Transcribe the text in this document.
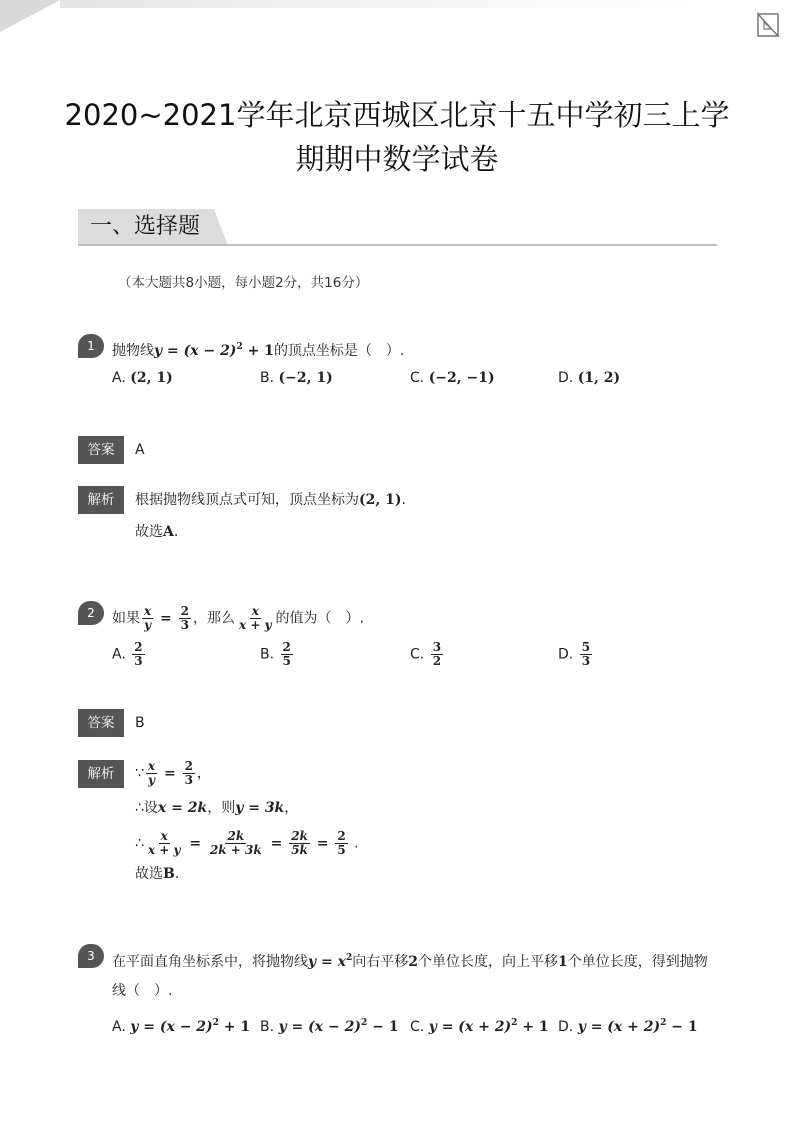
2020~2021学年北京西城区北京十五中学初三上学
期期中数学试卷
一、选择题
（本大题共8小题，每小题2分，共16分）
1	抛物线$y = (x - 2)^2 + 1$的顶点坐标是（　）.
A. (2, 1)	B. (−2, 1)	C. (−2, −1)	D. (1, 2)
答案	A
解析	根据抛物线顶点式可知，顶点坐标为(2, 1).
故选A.
2	如果 $\frac{x}{y} = \frac{2}{3}$ ，那么 $\frac{x}{x + y}$ 的值为（　）.
A. $\frac{2}{3}$	B. $\frac{2}{5}$	C. $\frac{3}{2}$	D. $\frac{5}{3}$
答案	B
解析	∵ $\frac{x}{y} = \frac{2}{3}$ ，
∴设x = 2k，则y = 3k，
∴ $\frac{x}{x + y} = \frac{2k}{2k + 3k} = \frac{2k}{5k} = \frac{2}{5}$ .
故选B.
3	在平面直角坐标系中，将抛物线$y = x^2$向右平移2个单位长度，向上平移1个单位长度，得到抛物
线（　）.
A. $y = (x - 2)^2 + 1$ B. $y = (x - 2)^2 - 1$ C. $y = (x + 2)^2 + 1$ D. $y = (x + 2)^2 - 1$
